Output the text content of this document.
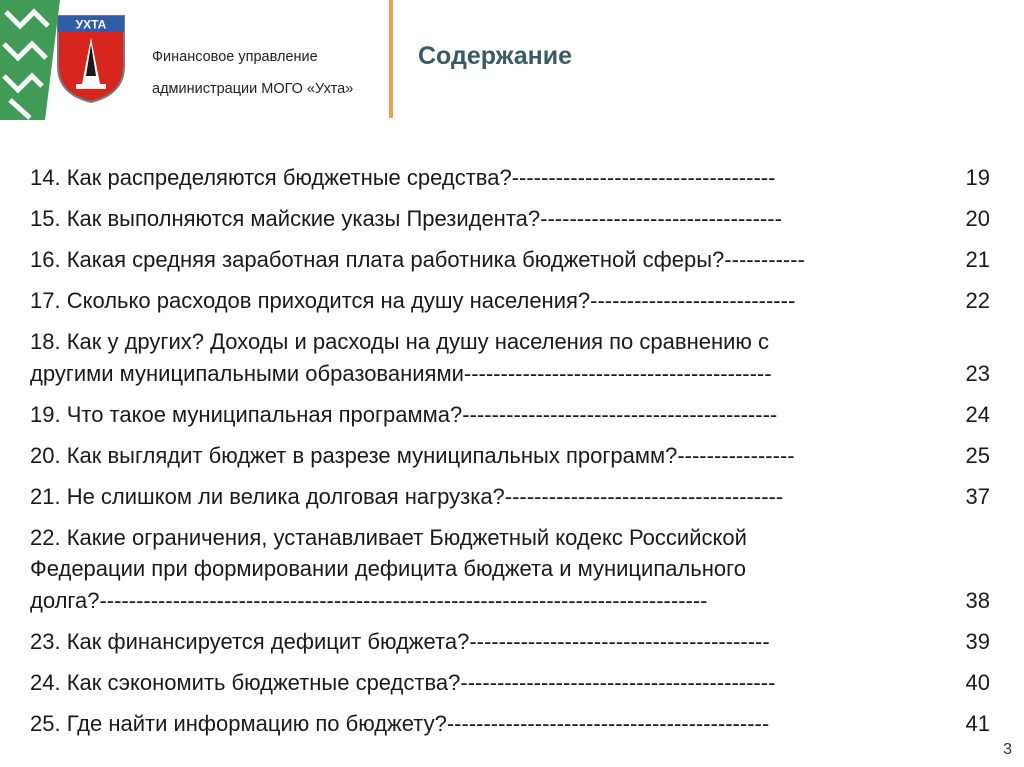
УХТА
Финансовое управление
администрации МОГО «Ухта»
Содержание
14. Как распределяются бюджетные средства?------------------------------------	19
15. Как выполняются майские указы Президента?---------------------------------	20
16. Какая средняя заработная плата работника бюджетной сферы?-----------	21
17. Сколько расходов приходится на душу населения?----------------------------	22
18. Как у других? Доходы и расходы на душу населения по сравнению с
другими муниципальными образованиями------------------------------------------	23
19. Что такое муниципальная программа?-------------------------------------------	24
20. Как выглядит бюджет в разрезе муниципальных программ?----------------	25
21. Не слишком ли велика долговая нагрузка?--------------------------------------	37
22. Какие ограничения, устанавливает Бюджетный кодекс Российской
Федерации при формировании дефицита бюджета и муниципального
долга?-----------------------------------------------------------------------------------	38
23. Как финансируется дефицит бюджета?-----------------------------------------	39
24. Как сэкономить бюджетные средства?-------------------------------------------	40
25. Где найти информацию по бюджету?--------------------------------------------	41
3
